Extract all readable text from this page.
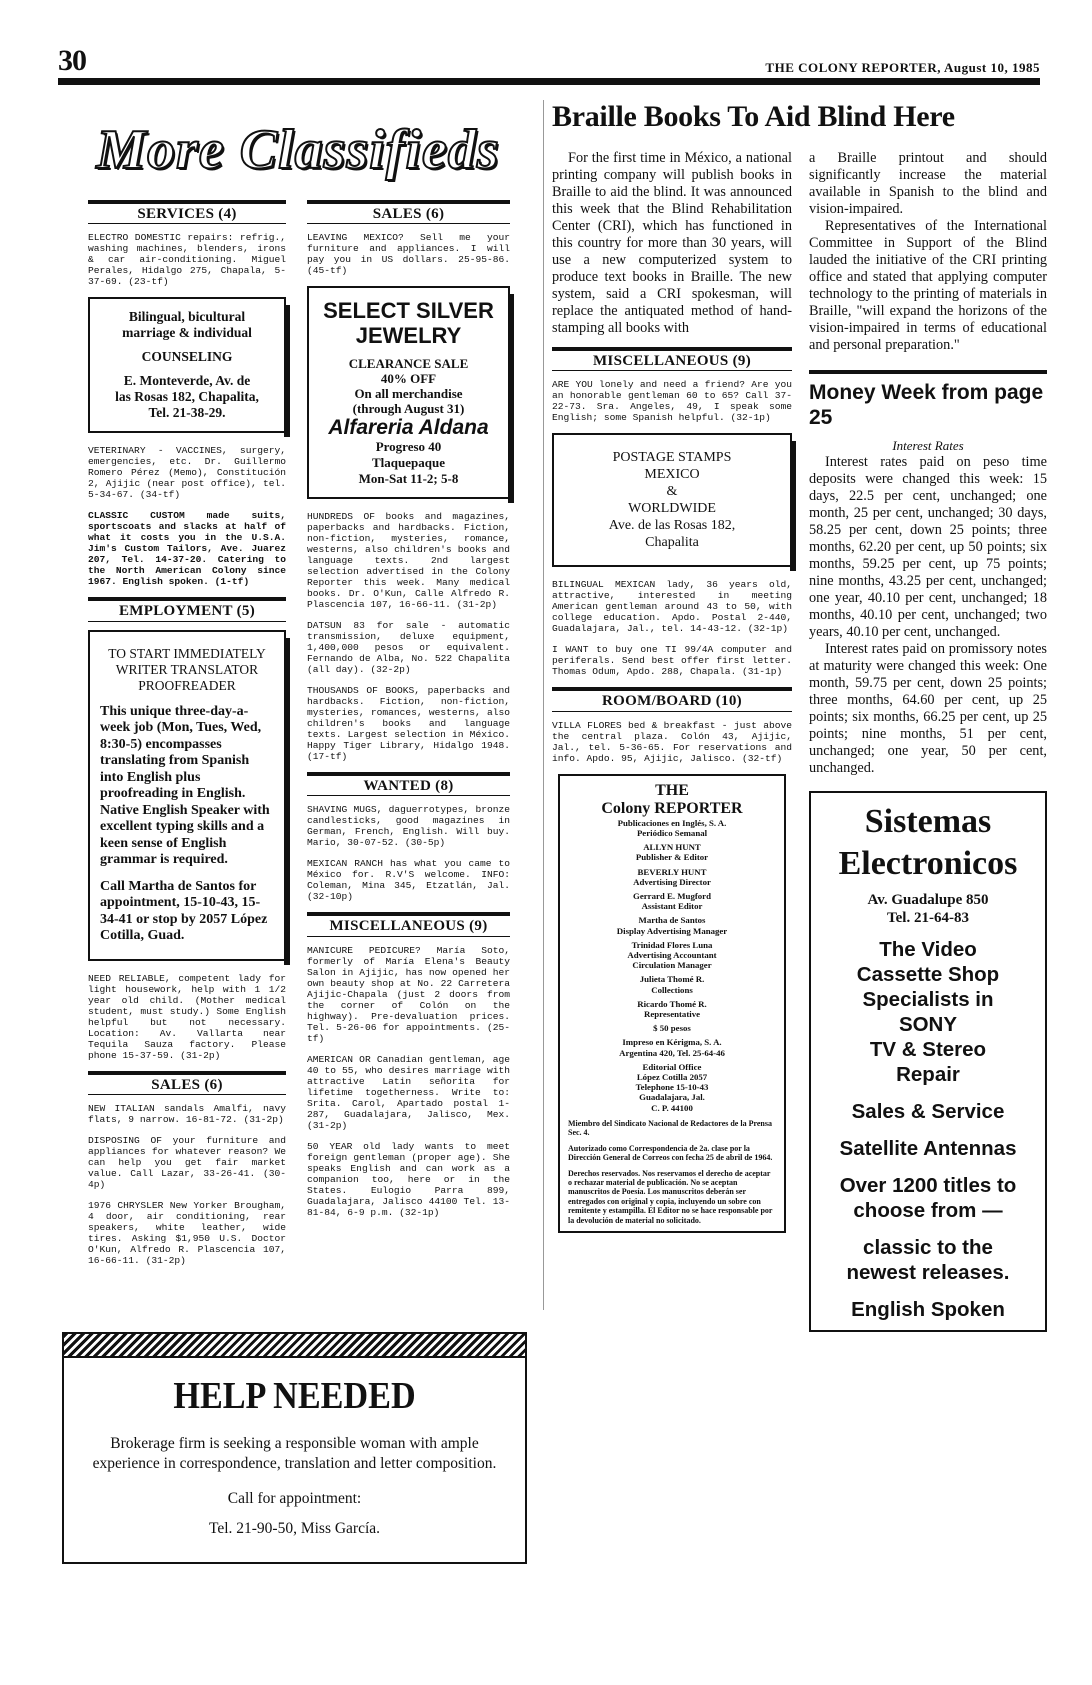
30	THE COLONY REPORTER, August 10, 1985
More Classifieds
Braille Books To Aid Blind Here
SERVICES (4)
ELECTRO DOMESTIC repairs: refrig., washing machines, blenders, irons & car air-conditioning. Miguel Perales, Hidalgo 275, Chapala, 5-37-69. (23-tf)

Bilingual, bicultural

marriage & individual

COUNSELING

E. Monteverde, Av. de

las Rosas 182, Chapalita,

Tel. 21-38-29.

VETERINARY - VACCINES, surgery, emergencies, etc. Dr. Guillermo Romero Pérez (Memo), Constitución 2, Ajijic (near post office), tel. 5-34-67. (34-tf)
CLASSIC CUSTOM made suits, sportscoats and slacks at half of what it costs you in the U.S.A. Jim's Custom Tailors, Ave. Juarez 207, Tel. 14-37-20. Catering to the North American Colony since 1967. English spoken. (1-tf)
EMPLOYMENT (5)
TO START IMMEDIATELY
WRITER TRANSLATOR
PROOFREADER
This unique three-day-a-week job (Mon, Tues, Wed, 8:30-5) encompasses translating from Spanish into English plus proofreading in English. Native English Speaker with excellent typing skills and a keen sense of English grammar is required.
Call Martha de Santos for appointment, 15-10-43, 15-34-41 or stop by 2057 López Cotilla, Guad.
NEED RELIABLE, competent lady for light housework, help with 1 1/2 year old child. (Mother medical student, must study.) Some English helpful but not necessary. Location: Av. Vallarta near Tequila Sauza factory. Please phone 15-37-59. (31-2p)
SALES (6)
NEW ITALIAN sandals Amalfi, navy flats, 9 narrow. 16-81-72. (31-2p)
DISPOSING OF your furniture and appliances for whatever reason? We can help you get fair market value. Call Lazar, 33-26-41. (30-4p)
1976 CHRYSLER New Yorker Brougham, 4 door, air conditioning, rear speakers, white leather, wide tires. Asking $1,950 U.S. Doctor O'Kun, Alfredo R. Plascencia 107, 16-66-11. (31-2p)
SALES (6)
LEAVING MEXICO? Sell me your furniture and appliances. I will pay you in US dollars. 25-95-86. (45-tf)
SELECT SILVER JEWELRY
CLEARANCE SALE
40% OFF
On all merchandise
(through August 31)
Alfareria Aldana
Progreso 40
Tlaquepaque
Mon-Sat 11-2; 5-8
HUNDREDS OF books and magazines, paperbacks and hardbacks. Fiction, non-fiction, mysteries, romance, westerns, also children's books and language texts. 2nd largest selection advertised in the Colony Reporter this week. Many medical books. Dr. O'Kun, Calle Alfredo R. Plascencia 107, 16-66-11. (31-2p)
DATSUN 83 for sale - automatic transmission, deluxe equipment, 1,400,000 pesos or equivalent. Fernando de Alba, No. 522 Chapalita (all day). (32-2p)
THOUSANDS OF BOOKS, paperbacks and hardbacks. Fiction, non-fiction, mysteries, romances, westerns, also children's books and language texts. Largest selection in México. Happy Tiger Library, Hidalgo 1948. (17-tf)
WANTED (8)
SHAVING MUGS, daguerrotypes, bronze candlesticks, good magazines in German, French, English. Will buy. Mario, 30-07-52. (30-5p)
MEXICAN RANCH has what you came to México for. R.V'S welcome. INFO: Coleman, Mina 345, Etzatlán, Jal. (32-10p)
MISCELLANEOUS (9)
MANICURE PEDICURE? María Soto, formerly of María Elena's Beauty Salon in Ajijic, has now opened her own beauty shop at No. 22 Carretera Ajijic-Chapala (just 2 doors from the corner of Colón on the highway). Pre-devaluation prices. Tel. 5-26-06 for appointments. (25-tf)
AMERICAN OR Canadian gentleman, age 40 to 55, who desires marriage with attractive Latin señorita for lifetime togetherness. Write to: Srita. Carol, Apartado postal 1-287, Guadalajara, Jalisco, Mex. (31-2p)
50 YEAR old lady wants to meet foreign gentleman (proper age). She speaks English and can work as a companion too, here or in the States. Eulogio Parra 899, Guadalajara, Jalisco 44100 Tel. 13-81-84, 6-9 p.m. (32-1p)
HELP NEEDED
Brokerage firm is seeking a responsible woman with ample experience in correspondence, translation and letter composition.
Call for appointment:
Tel. 21-90-50, Miss García.

For the first time in México, a national printing company will publish books in Braille to aid the blind. It was announced this week that the Blind Rehabilitation Center (CRI), which has functioned in this country for more than 30 years, will use a new computerized system to produce text books in Braille. The new system, said a CRI spokesman, will replace the antiquated method of hand-stamping all books with

MISCELLANEOUS (9)
ARE YOU lonely and need a friend? Are you an honorable gentleman 60 to 65? Call 37-22-73. Sra. Angeles, 49, I speak some English; some Spanish helpful. (32-1p)

POSTAGE STAMPS

MEXICO

&

WORLDWIDE

Ave. de las Rosas 182,

Chapalita

BILINGUAL MEXICAN lady, 36 years old, attractive, interested in meeting American gentleman around 43 to 50, with college education. Apdo. Postal 2-440, Guadalajara, Jal., tel. 14-43-12. (32-1p)
I WANT to buy one TI 99/4A computer and periferals. Send best offer first letter. Thomas Odum, Apdo. 288, Chapala. (31-1p)
ROOM/BOARD (10)
VILLA FLORES bed & breakfast - just above the central plaza. Colón 43, Ajijic, Jal., tel. 5-36-65. For reservations and info. Apdo. 95, Ajijic, Jalisco. (32-tf)
THE
Colony REPORTER
Publicaciones en Inglés, S. A.
Periódico Semanal
ALLYN HUNT
Publisher & Editor
BEVERLY HUNT
Advertising Director
Gerrard E. Mugford
Assistant Editor
Martha de Santos
Display Advertising Manager
Trinidad Flores Luna
Advertising Accountant
Circulation Manager
Julieta Thomé R.
Collections
Ricardo Thomé R.
Representative
$ 50 pesos
Impreso en Kérigma, S. A.
Argentina 420, Tel. 25-64-46
Editorial Office
López Cotilla 2057
Telephone 15-10-43
Guadalajara, Jal.
C. P. 44100
Miembro del Sindicato Nacional de Redactores de la Prensa Sec. 4.
Autorizado como Correspondencia de 2a. clase por la Dirección General de Correos con fecha 25 de abril de 1964.
Derechos reservados. Nos reservamos el derecho de aceptar o rechazar material de publicación. No se aceptan manuscritos de Poesía. Los manuscritos deberán ser entregados con original y copia, incluyendo un sobre con remitente y estampilla. El Editor no se hace responsable por la devolución de material no solicitado.

a Braille printout and should significantly increase the material available in Spanish to the blind and vision-impaired.

Representatives of the International Committee in Support of the Blind lauded the initiative of the CRI printing office and stated that applying computer technology to the printing of materials in Braille, "will expand the horizons of the vision-impaired in terms of educational and personal preparation."

Money Week from page 25
Interest Rates

Interest rates paid on peso time deposits were changed this week: 15 days, 22.5 per cent, unchanged; one month, 25 per cent, unchanged; 30 days, 58.25 per cent, down 25 points; three months, 62.20 per cent, up 50 points; six months, 59.25 per cent, up 75 points; nine months, 43.25 per cent, unchanged; one year, 40.10 per cent, unchanged; 18 months, 40.10 per cent, unchanged; two years, 40.10 per cent, unchanged.

Interest rates paid on promissory notes at maturity were changed this week: One month, 59.75 per cent, down 25 points; three months, 64.60 per cent, up 25 points; six months, 66.25 per cent, up 25 points; nine months, 51 per cent, unchanged; one year, 50 per cent, unchanged.

Sistemas
Electronicos
Av. Guadalupe 850
Tel. 21-64-83
The Video
Cassette Shop
Specialists in
SONY
TV & Stereo
Repair
Sales & Service
Satellite Antennas
Over 1200 titles to
choose from —
classic to the
newest releases.
English Spoken
